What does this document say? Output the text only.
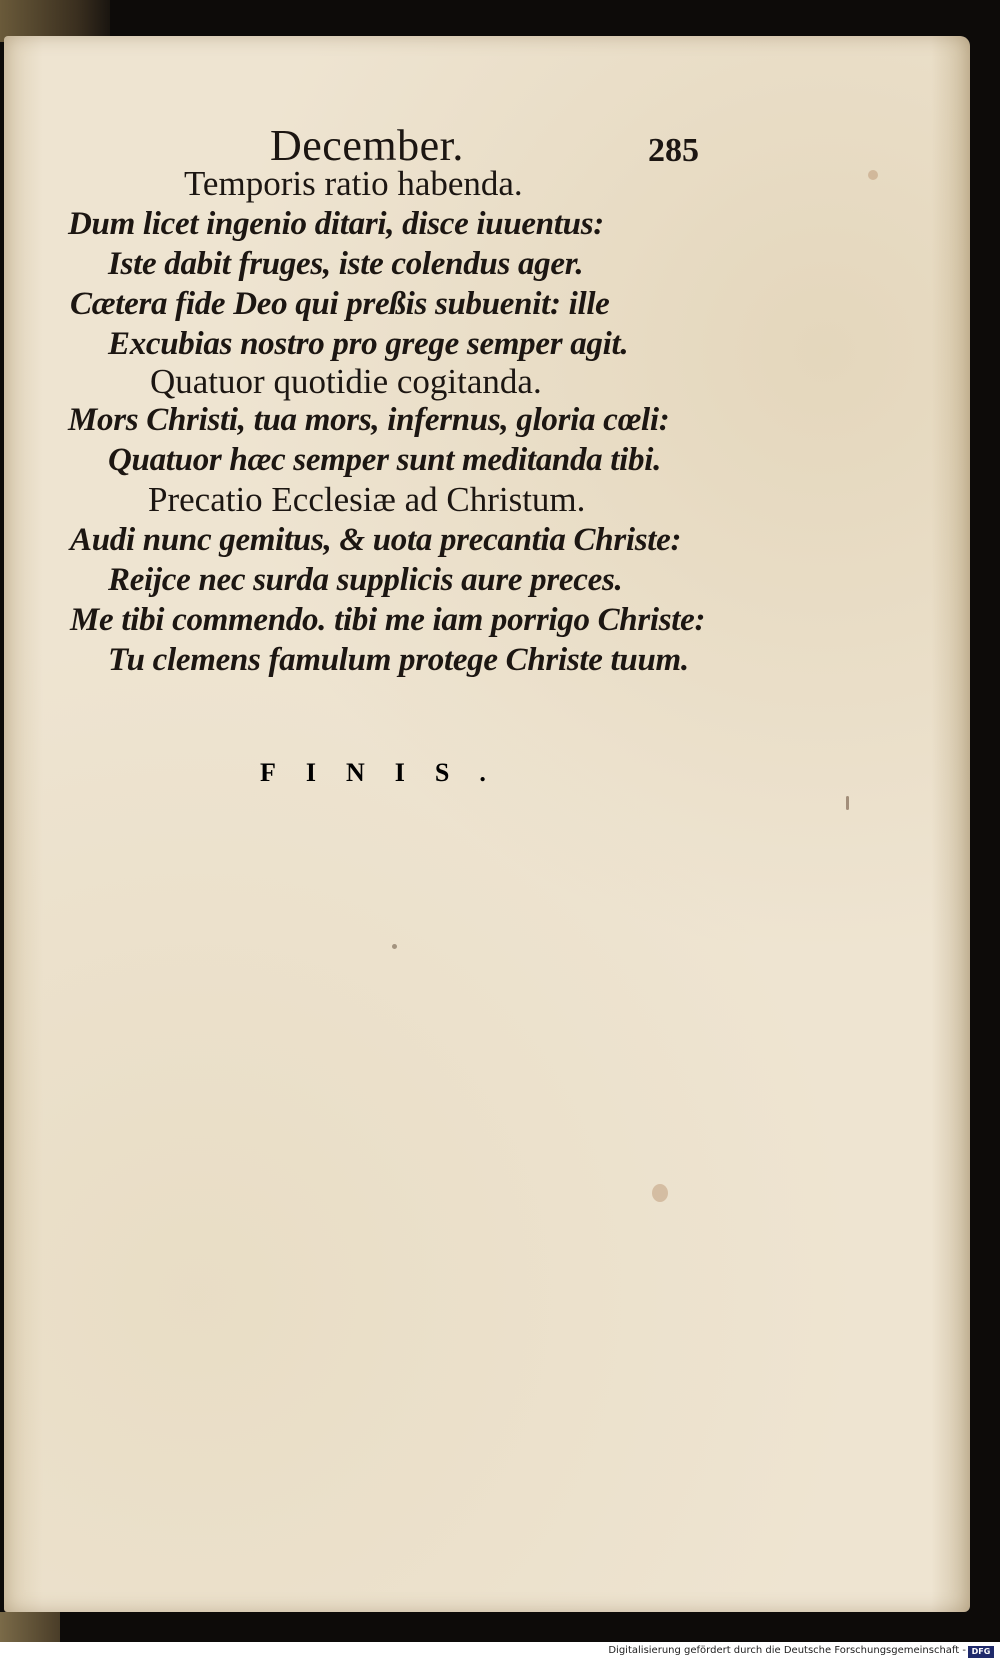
December.	285
Temporis ratio habenda.
Dum licet ingenio ditari, disce iuuentus:
Iste dabit fruges, iste colendus ager.
Cætera fide Deo qui preßis subuenit: ille
Excubias nostro pro grege semper agit.
Quatuor quotidie cogitanda.
Mors Christi, tua mors, infernus, gloria cœli:
Quatuor hæc semper sunt meditanda tibi.
Precatio Ecclesiæ ad Christum.
Audi nunc gemitus, & uota precantia Christe:
Reijce nec surda supplicis aure preces.
Me tibi commendo. tibi me iam porrigo Christe:
Tu clemens famulum protege Christe tuum.
FINIS.
Digitalisierung gefördert durch die Deutsche Forschungsgemeinschaft - DFG
